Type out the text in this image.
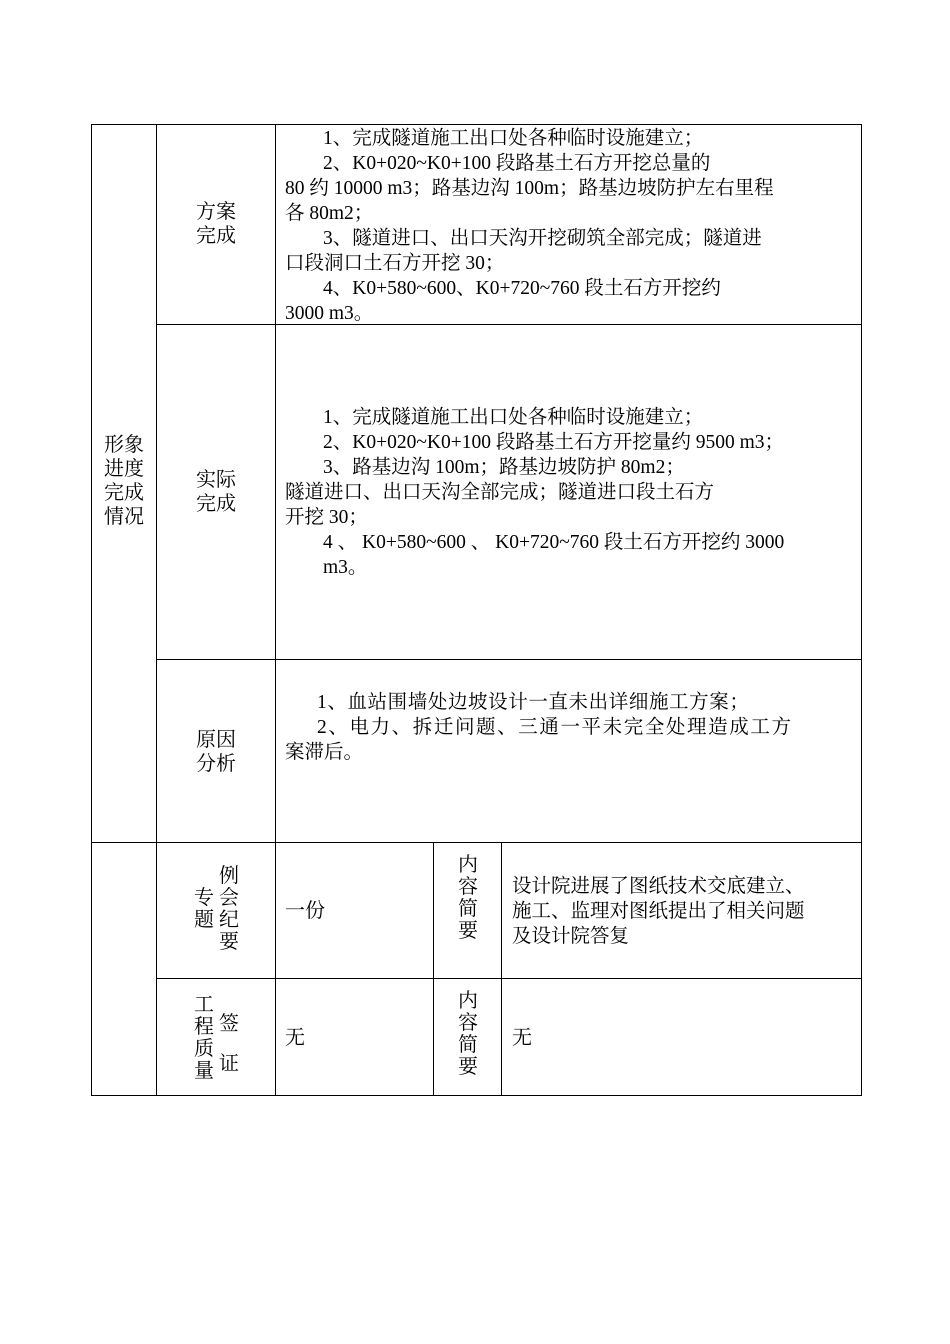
形象
进度
完成
情况
方案
完成
1、完成隧道施工出口处各种临时设施建立；
2、K0+020~K0+100 段路基土石方开挖总量的
80 约 10000 m3；路基边沟 100m；路基边坡防护左右里程
各 80m2；
3、隧道进口、出口天沟开挖砌筑全部完成；隧道进
口段洞口土石方开挖 30；
4、K0+580~600、K0+720~760 段土石方开挖约
3000 m3。
实际
完成
1、完成隧道施工出口处各种临时设施建立；
2、K0+020~K0+100 段路基土石方开挖量约 9500 m3；
3、路基边沟 100m；路基边坡防护 80m2；
隧道进口、出口天沟全部完成；隧道进口段土石方
开挖 30；
4 、 K0+580~600 、 K0+720~760 段土石方开挖约 3000
m3。
原因
分析
1、血站围墙处边坡设计一直未出详细施工方案；
2、电力、拆迁问题、三通一平未完全处理造成工方
案滞后。
专题
例会纪要
一份
内容简要
设计院进展了图纸技术交底建立、
施工、监理对图纸提出了相关问题
及设计院答复
工程质量
签证
无
内容简要
无
